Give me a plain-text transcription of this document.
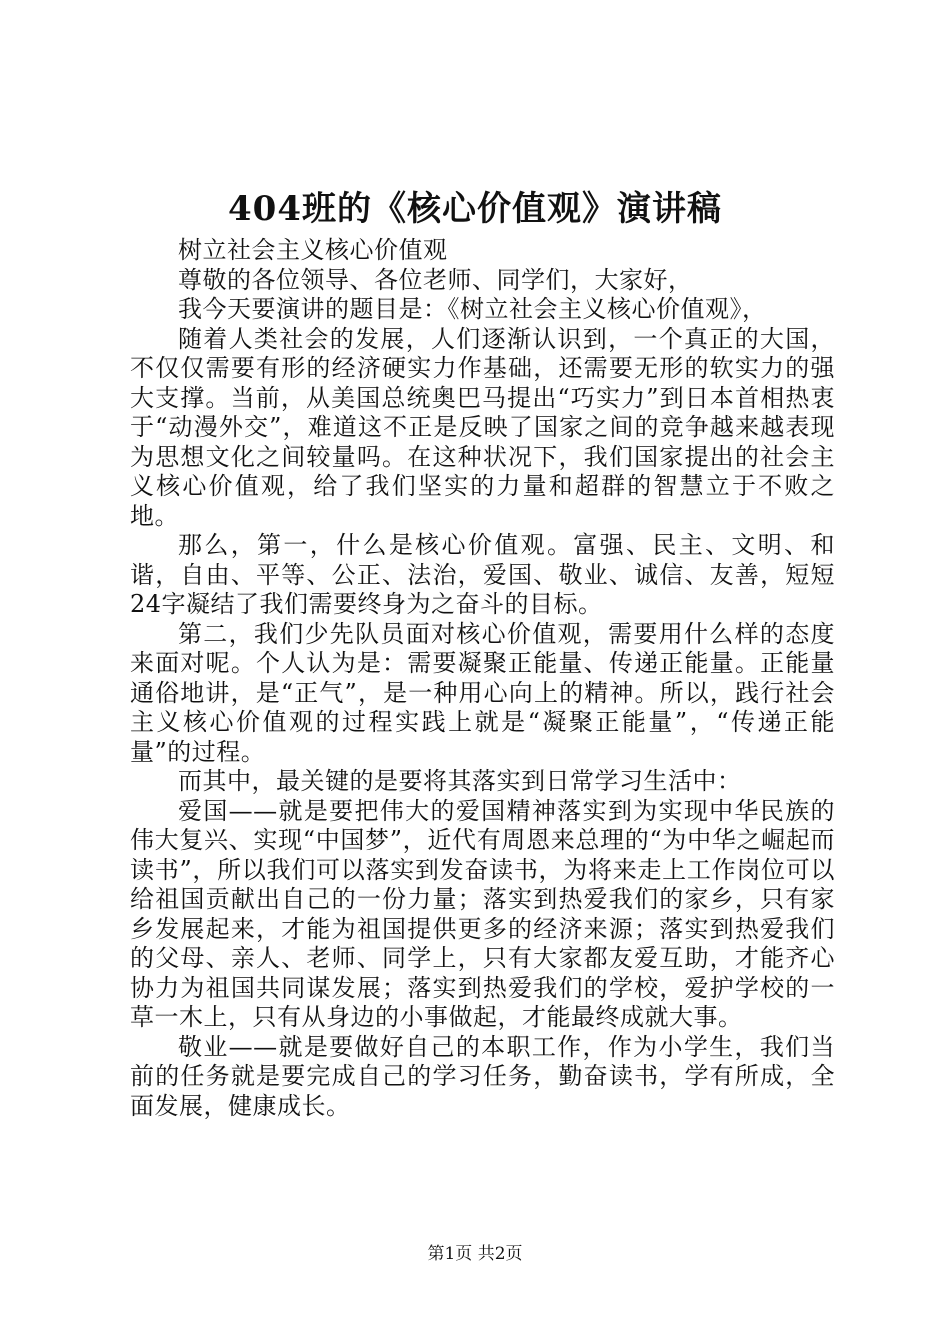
404班的《核心价值观》演讲稿

树立社会主义核心价值观

尊敬的各位领导、各位老师、同学们，大家好，

我今天要演讲的题目是：《树立社会主义核心价值观》，

随着人类社会的发展，人们逐渐认识到，一个真正的大国，不仅仅需要有形的经济硬实力作基础，还需要无形的软实力的强大支撑。当前，从美国总统奥巴马提出“巧实力”到日本首相热衷于“动漫外交”，难道这不正是反映了国家之间的竞争越来越表现为思想文化之间较量吗。在这种状况下，我们国家提出的社会主义核心价值观，给了我们坚实的力量和超群的智慧立于不败之地。

那么，第一，什么是核心价值观。富强、民主、文明、和谐，自由、平等、公正、法治，爱国、敬业、诚信、友善，短短24字凝结了我们需要终身为之奋斗的目标。

第二，我们少先队员面对核心价值观，需要用什么样的态度来面对呢。个人认为是：需要凝聚正能量、传递正能量。正能量通俗地讲，是“正气”，是一种用心向上的精神。所以，践行社会主义核心价值观的过程实践上就是“凝聚正能量”，“传递正能量”的过程。

而其中，最关键的是要将其落实到日常学习生活中：

爱国——就是要把伟大的爱国精神落实到为实现中华民族的伟大复兴、实现“中国梦”，近代有周恩来总理的“为中华之崛起而读书”，所以我们可以落实到发奋读书，为将来走上工作岗位可以给祖国贡献出自己的一份力量；落实到热爱我们的家乡，只有家乡发展起来，才能为祖国提供更多的经济来源；落实到热爱我们的父母、亲人、老师、同学上，只有大家都友爱互助，才能齐心协力为祖国共同谋发展；落实到热爱我们的学校，爱护学校的一草一木上，只有从身边的小事做起，才能最终成就大事。

敬业——就是要做好自己的本职工作，作为小学生，我们当前的任务就是要完成自己的学习任务，勤奋读书，学有所成，全面发展，健康成长。

第1页 共2页
